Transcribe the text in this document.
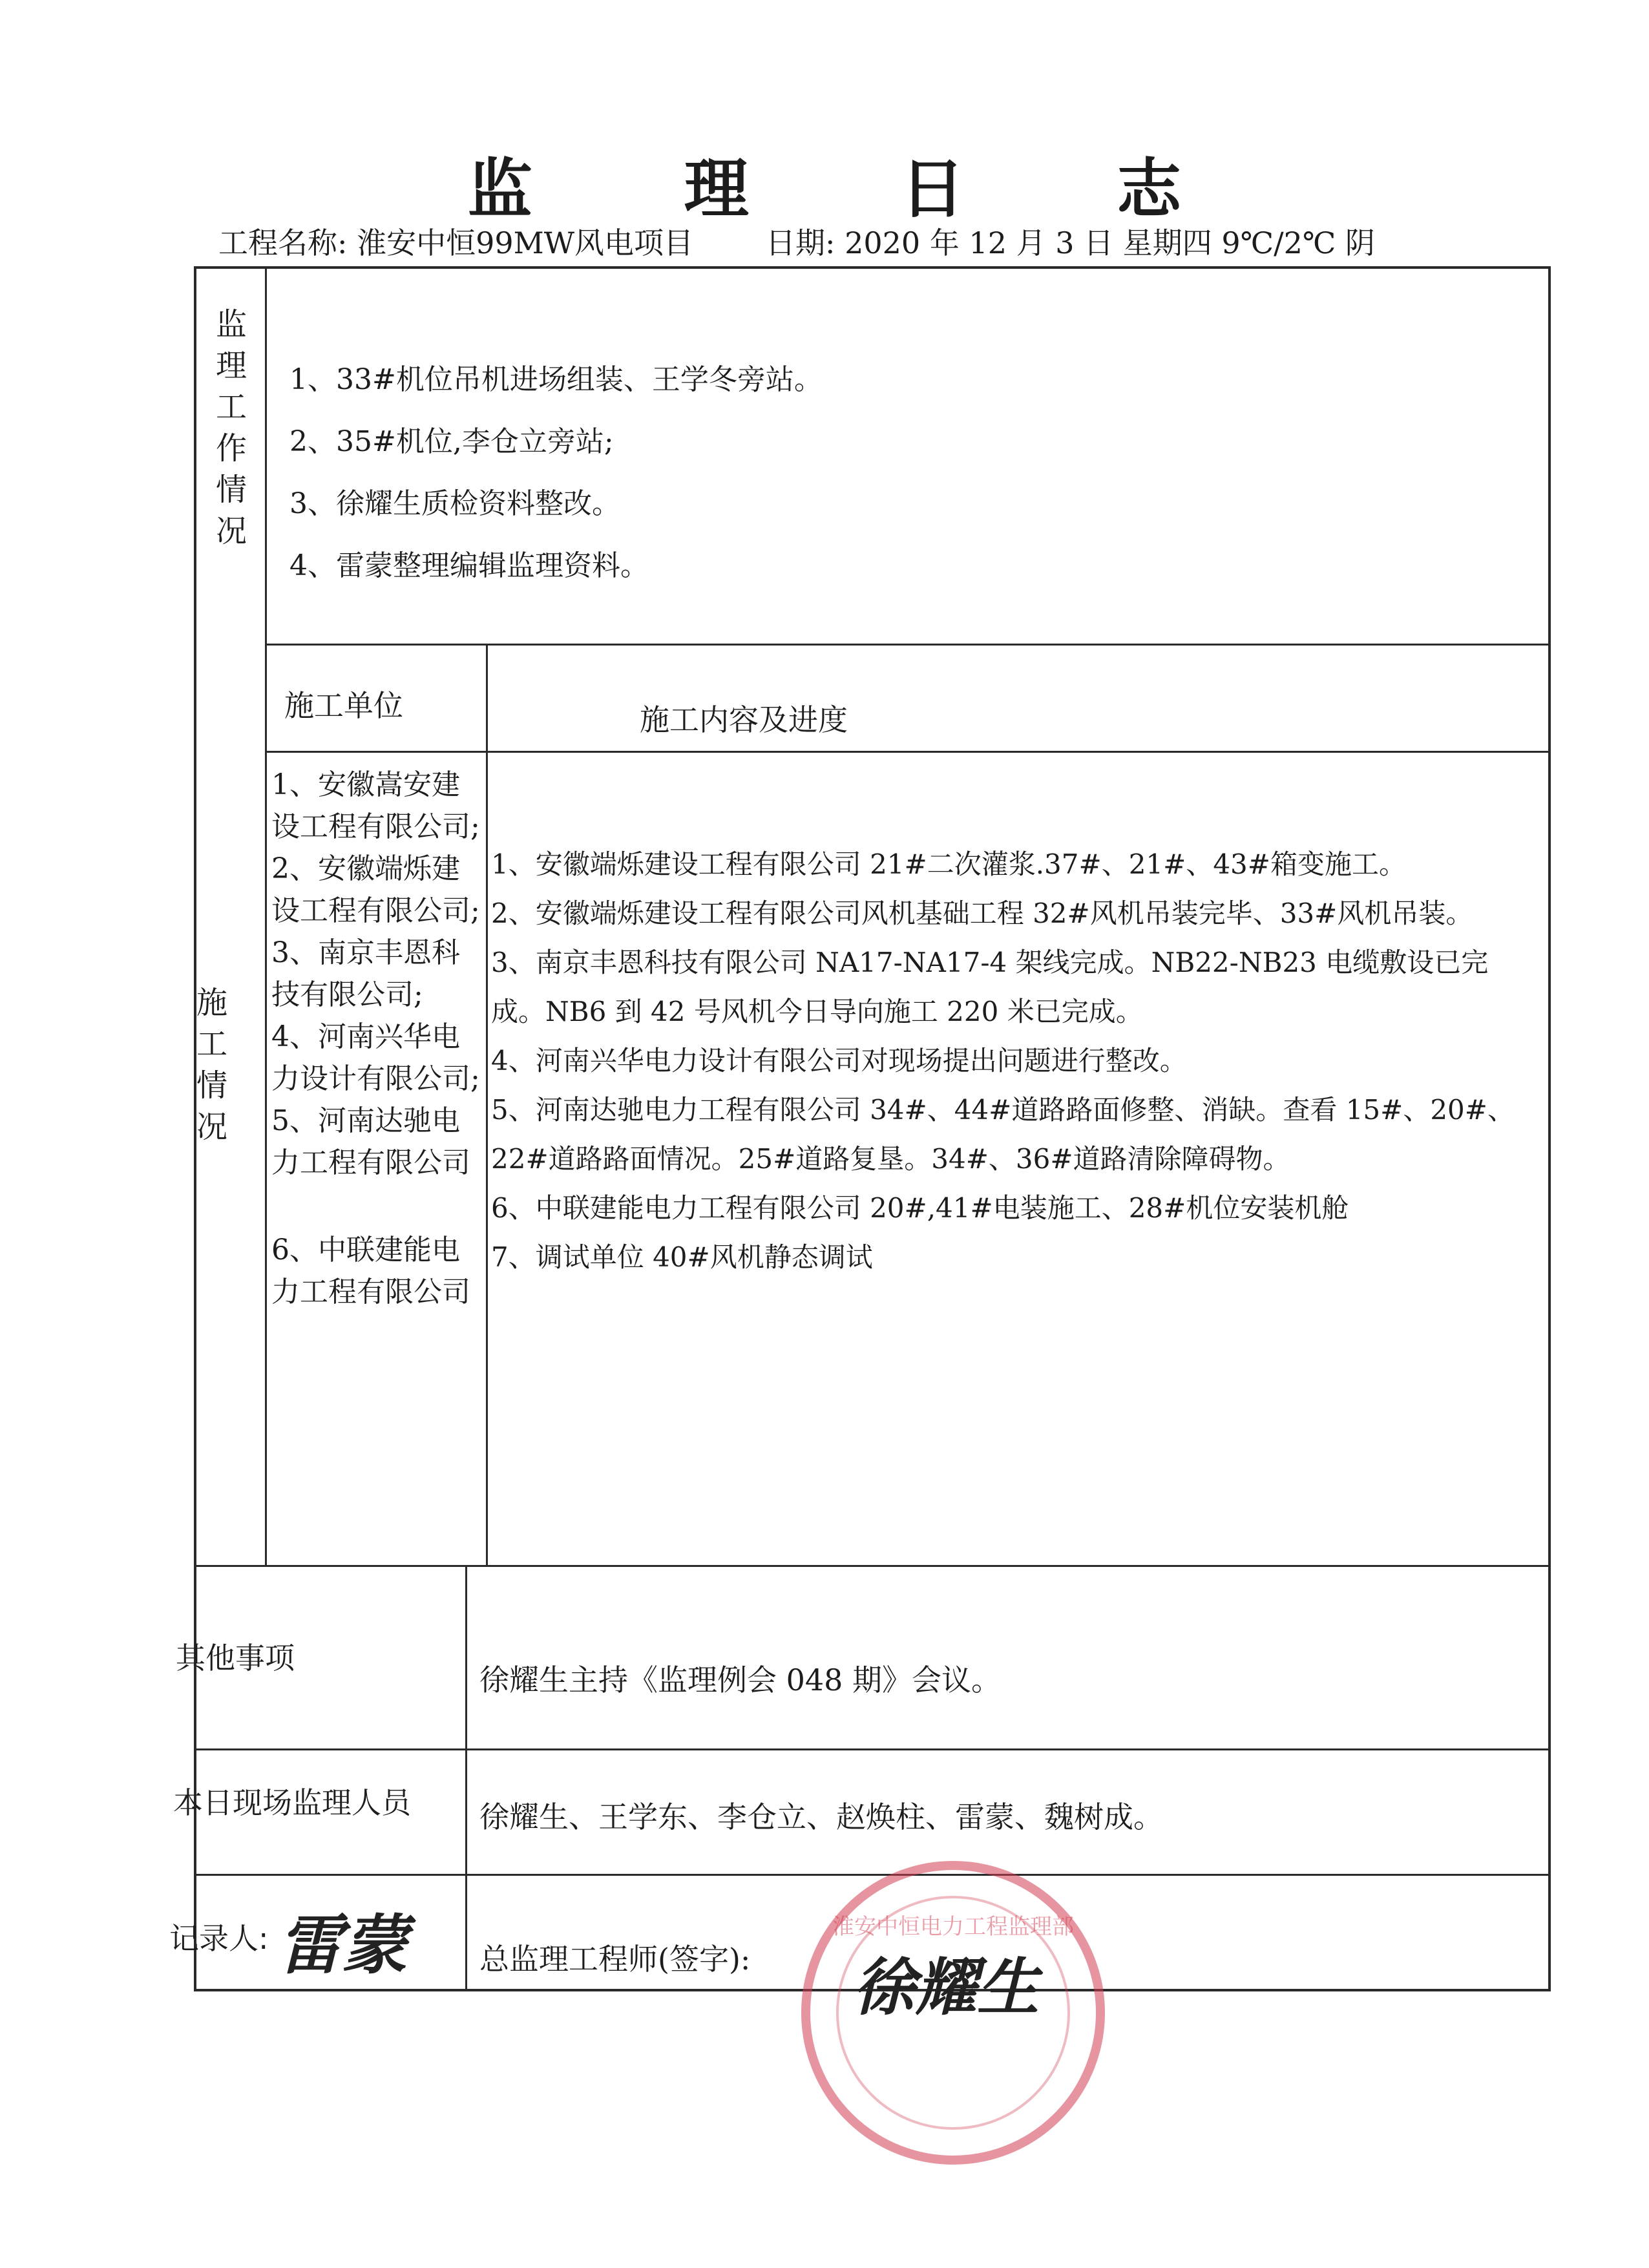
监 理 日 志
工程名称: 淮安中恒99MW风电项目 日期: 2020 年 12 月 3 日 星期四 9℃/2℃ 阴
监
理
工
作
情
况
1、33#机位吊机进场组装、王学冬旁站。
2、35#机位,李仓立旁站;
3、徐耀生质检资料整改。
4、雷蒙整理编辑监理资料。
施
工
情
况
施工单位	施工内容及进度
1、安徽嵩安建设工程有限公司;
2、安徽端烁建设工程有限公司;
3、南京丰恩科技有限公司;
4、河南兴华电力设计有限公司;
5、河南达驰电力工程有限公司
6、中联建能电力工程有限公司
1、安徽端烁建设工程有限公司 21#二次灌浆.37#、21#、43#箱变施工。
2、安徽端烁建设工程有限公司风机基础工程 32#风机吊装完毕、33#风机吊装。
3、南京丰恩科技有限公司 NA17-NA17-4 架线完成。NB22-NB23 电缆敷设已完成。NB6 到 42 号风机今日导向施工 220 米已完成。
4、河南兴华电力设计有限公司对现场提出问题进行整改。
5、河南达驰电力工程有限公司 34#、44#道路路面修整、消缺。查看 15#、20#、22#道路路面情况。25#道路复垦。34#、36#道路清除障碍物。
6、中联建能电力工程有限公司 20#,41#电装施工、28#机位安装机舱
7、调试单位 40#风机静态调试
其他事项
徐耀生主持《监理例会 048 期》会议。
本日现场监理人员 徐耀生、王学东、李仓立、赵焕柱、雷蒙、魏树成。
记录人: 雷蒙 总监理工程师(签字):
淮安中恒电力工程监理部
徐耀生
